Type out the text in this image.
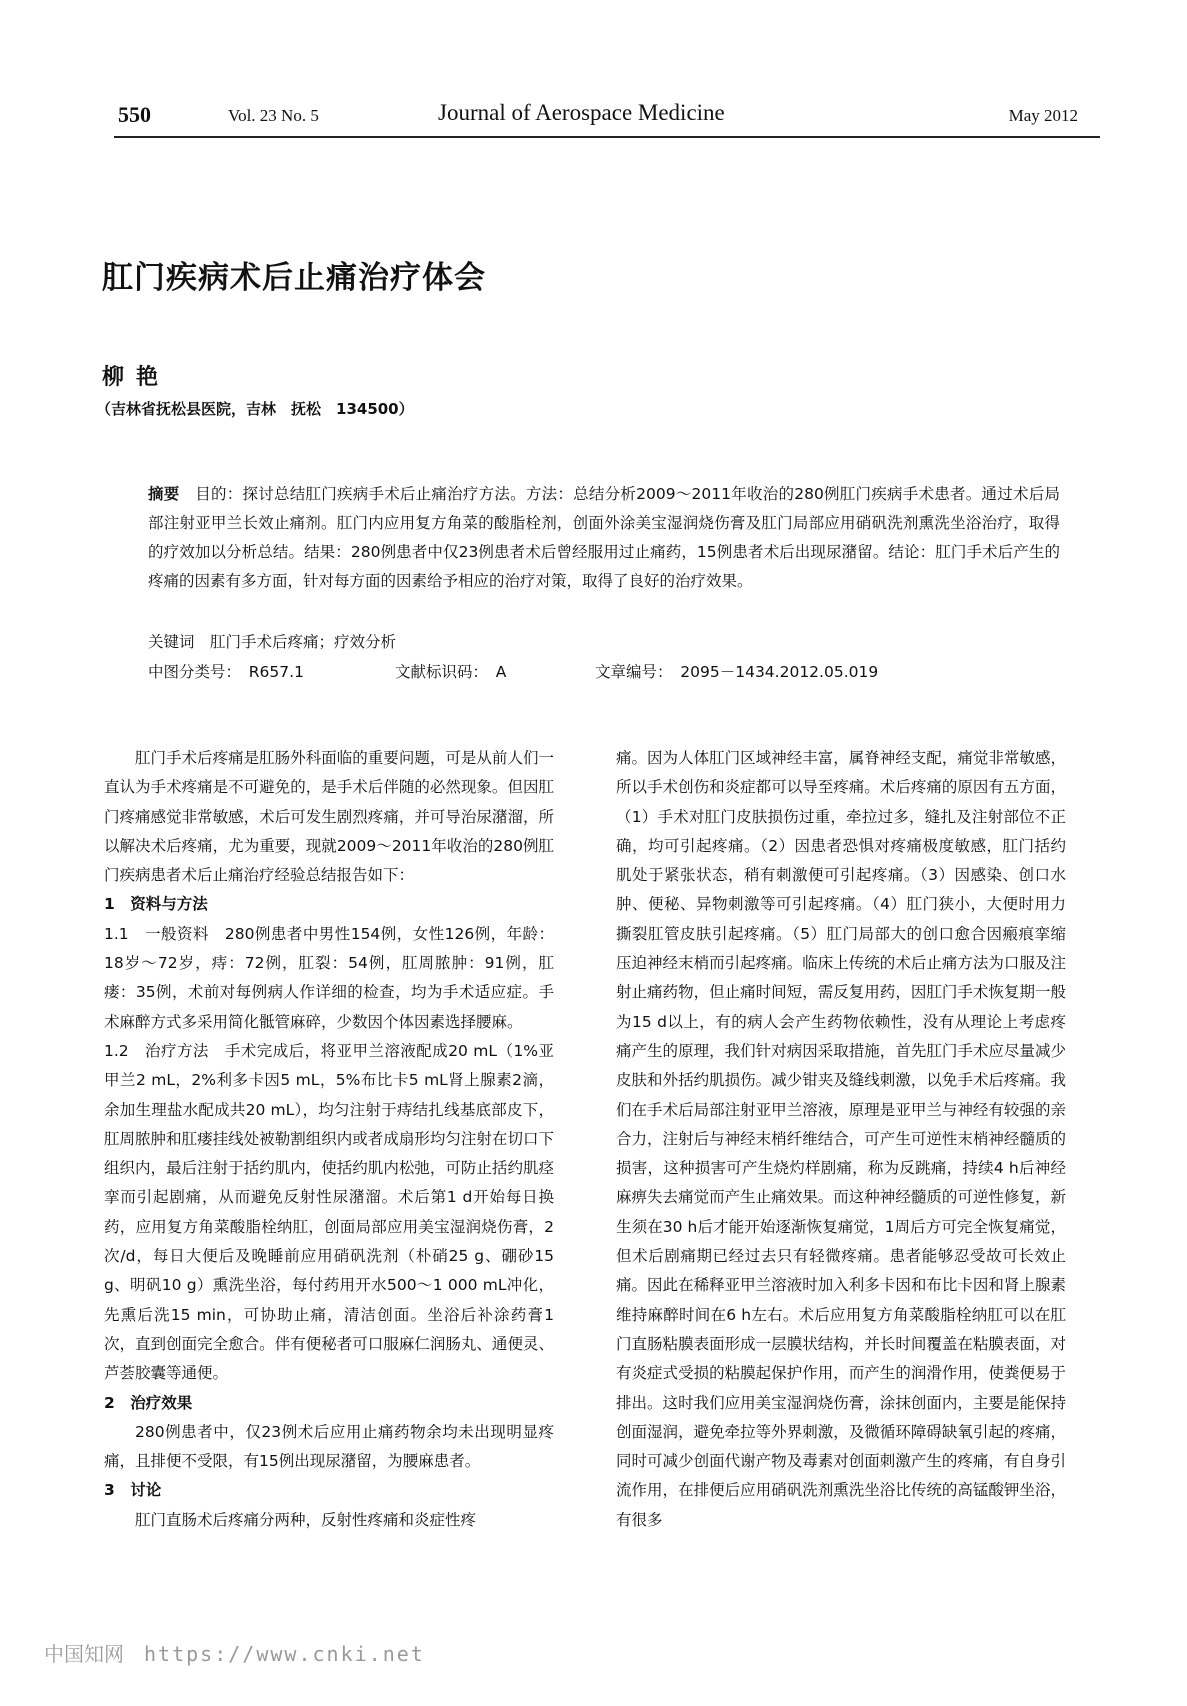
550	Vol. 23 No. 5	Journal of Aerospace Medicine	May 2012
肛门疾病术后止痛治疗体会
柳艳
（吉林省抚松县医院，吉林　抚松　134500）

摘要　 目的：探讨总结肛门疾病手术后止痛治疗方法。方法：总结分析2009～2011年收治的280例肛门疾病手术患者。通过术后局部注射亚甲兰长效止痛剂。肛门内应用复方角菜的酸脂栓剂，创面外涂美宝湿润烧伤膏及肛门局部应用硝矾洗剂熏洗坐浴治疗，取得的疗效加以分析总结。结果：280例患者中仅23例患者术后曾经服用过止痛药，15例患者术后出现尿潴留。结论：肛门手术后产生的疼痛的因素有多方面，针对每方面的因素给予相应的治疗对策，取得了良好的治疗效果。

关键词　 肛门手术后疼痛；疗效分析
中图分类号：　 R657.1	文献标识码：　 A	文章编号：　 2095－1434.2012.05.019

肛门手术后疼痛是肛肠外科面临的重要问题，可是从前人们一直认为手术疼痛是不可避免的，是手术后伴随的必然现象。但因肛门疼痛感觉非常敏感，术后可发生剧烈疼痛，并可导治尿潴溜，所以解决术后疼痛，尤为重要，现就2009～2011年收治的280例肛门疾病患者术后止痛治疗经验总结报告如下：

1　资料与方法

1.1　一般资料　280例患者中男性154例，女性126例，年龄：18岁～72岁，痔：72例，肛裂：54例，肛周脓肿：91例，肛瘘：35例，术前对每例病人作详细的检查，均为手术适应症。手术麻醉方式多采用简化骶管麻碎，少数因个体因素选择腰麻。

1.2　治疗方法　手术完成后，将亚甲兰溶液配成20 mL（1%亚甲兰2 mL，2%利多卡因5 mL，5%布比卡5 mL肾上腺素2滴，余加生理盐水配成共20 mL），均匀注射于痔结扎线基底部皮下，肛周脓肿和肛瘘挂线处被勒割组织内或者成扇形均匀注射在切口下组织内，最后注射于括约肌内，使括约肌内松弛，可防止括约肌痉挛而引起剧痛，从而避免反射性尿潴溜。术后第1 d开始每日换药，应用复方角菜酸脂栓纳肛，创面局部应用美宝湿润烧伤膏，2次/d，每日大便后及晚睡前应用硝矾洗剂（朴硝25 g、硼砂15 g、明矾10 g）熏洗坐浴，每付药用开水500～1 000 mL冲化，先熏后洗15 min，可协助止痛，清洁创面。坐浴后补涂药膏1次，直到创面完全愈合。伴有便秘者可口服麻仁润肠丸、通便灵、芦荟胶囊等通便。

2　治疗效果

280例患者中，仅23例术后应用止痛药物余均未出现明显疼痛，且排便不受限，有15例出现尿潴留，为腰麻患者。

3　讨论

肛门直肠术后疼痛分两种，反射性疼痛和炎症性疼

痛。因为人体肛门区域神经丰富，属脊神经支配，痛觉非常敏感，所以手术创伤和炎症都可以导至疼痛。术后疼痛的原因有五方面，（1）手术对肛门皮肤损伤过重，牵拉过多，缝扎及注射部位不正确，均可引起疼痛。（2）因患者恐惧对疼痛极度敏感，肛门括约肌处于紧张状态，稍有刺激便可引起疼痛。（3）因感染、创口水肿、便秘、异物刺激等可引起疼痛。（4）肛门狭小，大便时用力撕裂肛管皮肤引起疼痛。（5）肛门局部大的创口愈合因瘢痕挛缩压迫神经末梢而引起疼痛。临床上传统的术后止痛方法为口服及注射止痛药物，但止痛时间短，需反复用药，因肛门手术恢复期一般为15 d以上，有的病人会产生药物依赖性，没有从理论上考虑疼痛产生的原理，我们针对病因采取措施，首先肛门手术应尽量减少皮肤和外括约肌损伤。减少钳夹及缝线刺激，以免手术后疼痛。我们在手术后局部注射亚甲兰溶液，原理是亚甲兰与神经有较强的亲合力，注射后与神经末梢纤维结合，可产生可逆性末梢神经髓质的损害，这种损害可产生烧灼样剧痛，称为反跳痛，持续4 h后神经麻痹失去痛觉而产生止痛效果。而这种神经髓质的可逆性修复，新生须在30 h后才能开始逐渐恢复痛觉，1周后方可完全恢复痛觉，但术后剧痛期已经过去只有轻微疼痛。患者能够忍受故可长效止痛。因此在稀释亚甲兰溶液时加入利多卡因和布比卡因和肾上腺素维持麻醉时间在6 h左右。术后应用复方角菜酸脂栓纳肛可以在肛门直肠粘膜表面形成一层膜状结构，并长时间覆盖在粘膜表面，对有炎症式受损的粘膜起保护作用，而产生的润滑作用，使粪便易于排出。这时我们应用美宝湿润烧伤膏，涂抹创面内，主要是能保持创面湿润，避免牵拉等外界刺激，及微循环障碍缺氧引起的疼痛，同时可减少创面代谢产物及毒素对创面刺激产生的疼痛，有自身引流作用，在排便后应用硝矾洗剂熏洗坐浴比传统的高锰酸钾坐浴，有很多

中国知网 https://www.cnki.net
